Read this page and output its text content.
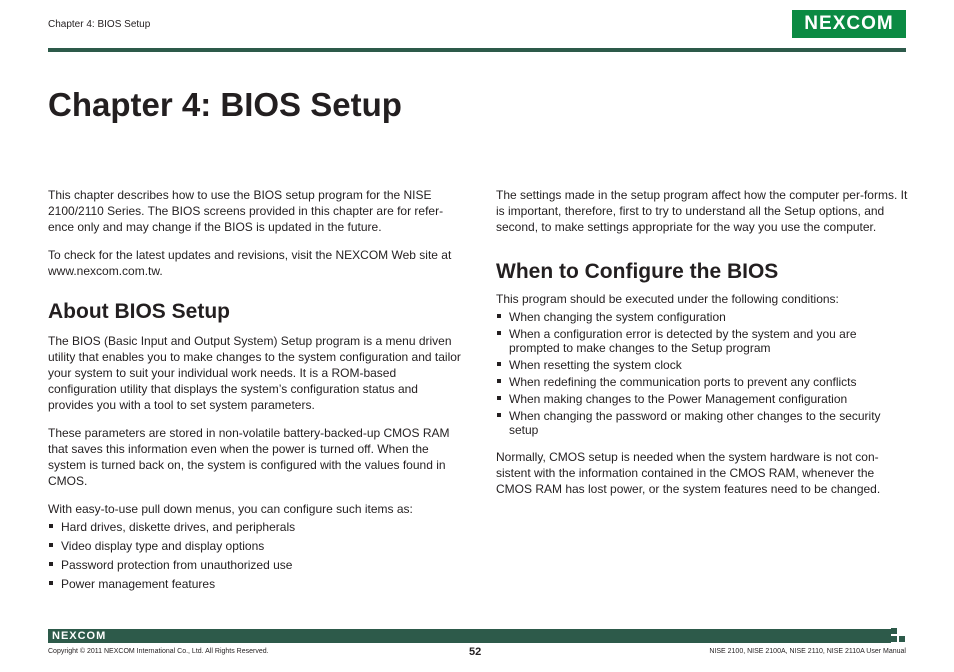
Chapter 4: BIOS Setup	NE X COM
Chapter 4: BIOS Setup

This chapter describes how to use the BIOS setup program for the NISE 2100/2110 Series. The BIOS screens provided in this chapter are for refer-ence only and may change if the BIOS is updated in the future.

To check for the latest updates and revisions, visit the NEXCOM Web site at www.nexcom.com.tw.

About BIOS Setup

The BIOS (Basic Input and Output System) Setup program is a menu driven utility that enables you to make changes to the system configuration and tailor your system to suit your individual work needs. It is a ROM-based configuration utility that displays the system’s configuration status and provides you with a tool to set system parameters.

These parameters are stored in non-volatile battery-backed-up CMOS RAM that saves this information even when the power is turned off. When the system is turned back on, the system is configured with the values found in CMOS.

With easy-to-use pull down menus, you can configure such items as:

Hard drives, diskette drives, and peripherals
Video display type and display options
Password protection from unauthorized use
Power management features

The settings made in the setup program affect how the computer per-forms. It is important, therefore, first to try to understand all the Setup options, and second, to make settings appropriate for the way you use the computer.

When to Configure the BIOS

This program should be executed under the following conditions:

When changing the system configuration
When a configuration error is detected by the system and you are prompted to make changes to the Setup program
When resetting the system clock
When redefining the communication ports to prevent any conflicts
When making changes to the Power Management configuration
When changing the password or making other changes to the security setup

Normally, CMOS setup is needed when the system hardware is not con-sistent with the information contained in the CMOS RAM, whenever the CMOS RAM has lost power, or the system features need to be changed.

NEXCOM
Copyright © 2011 NEXCOM International Co., Ltd. All Rights Reserved.	52	NISE 2100, NISE 2100A, NISE 2110, NISE 2110A User Manual
